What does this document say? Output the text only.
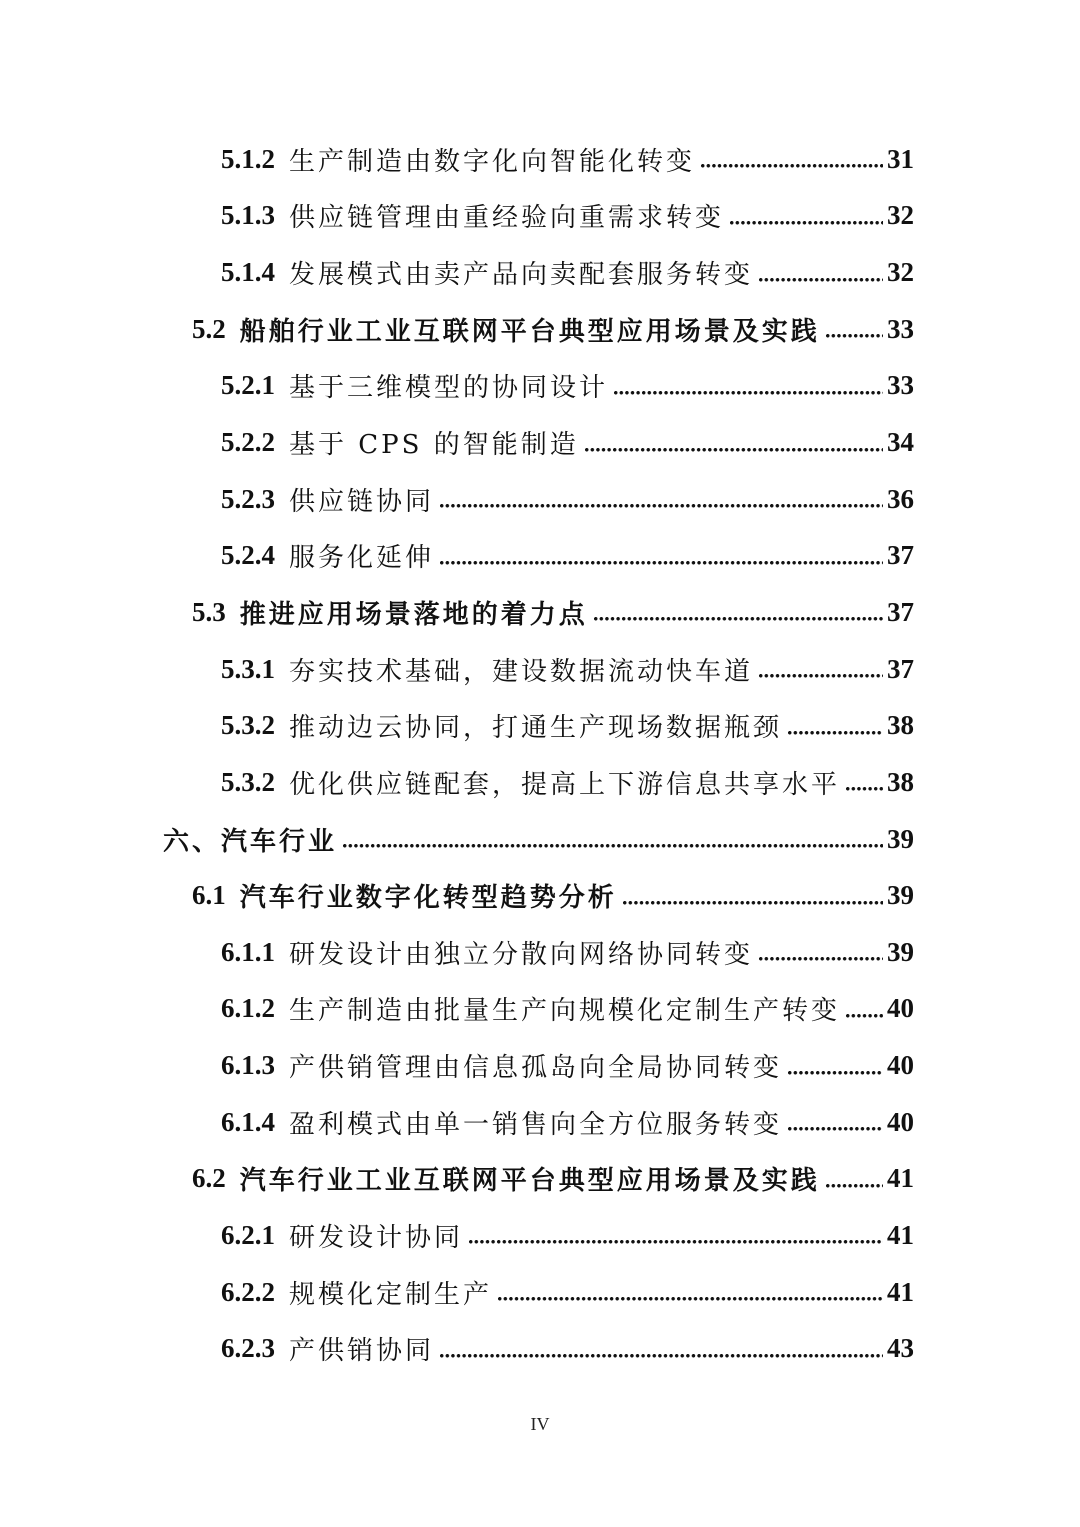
5.1.2 生产制造由数字化向智能化转变	31
5.1.3 供应链管理由重经验向重需求转变	32
5.1.4 发展模式由卖产品向卖配套服务转变	32
5.2 船舶行业工业互联网平台典型应用场景及实践 33
5.2.1 基于三维模型的协同设计	33
5.2.2 基于 CPS 的智能制造	34
5.2.3 供应链协同	36
5.2.4 服务化延伸	37
5.3 推进应用场景落地的着力点	37
5.3.1 夯实技术基础，建设数据流动快车道	37
5.3.2 推动边云协同，打通生产现场数据瓶颈	38
5.3.2 优化供应链配套，提高上下游信息共享水平 38
六、汽车行业	39
6.1 汽车行业数字化转型趋势分析	39
6.1.1 研发设计由独立分散向网络协同转变	39
6.1.2 生产制造由批量生产向规模化定制生产转变 40
6.1.3 产供销管理由信息孤岛向全局协同转变	40
6.1.4 盈利模式由单一销售向全方位服务转变	40
6.2 汽车行业工业互联网平台典型应用场景及实践 41
6.2.1 研发设计协同	41
6.2.2 规模化定制生产	41
6.2.3 产供销协同	43
IV
